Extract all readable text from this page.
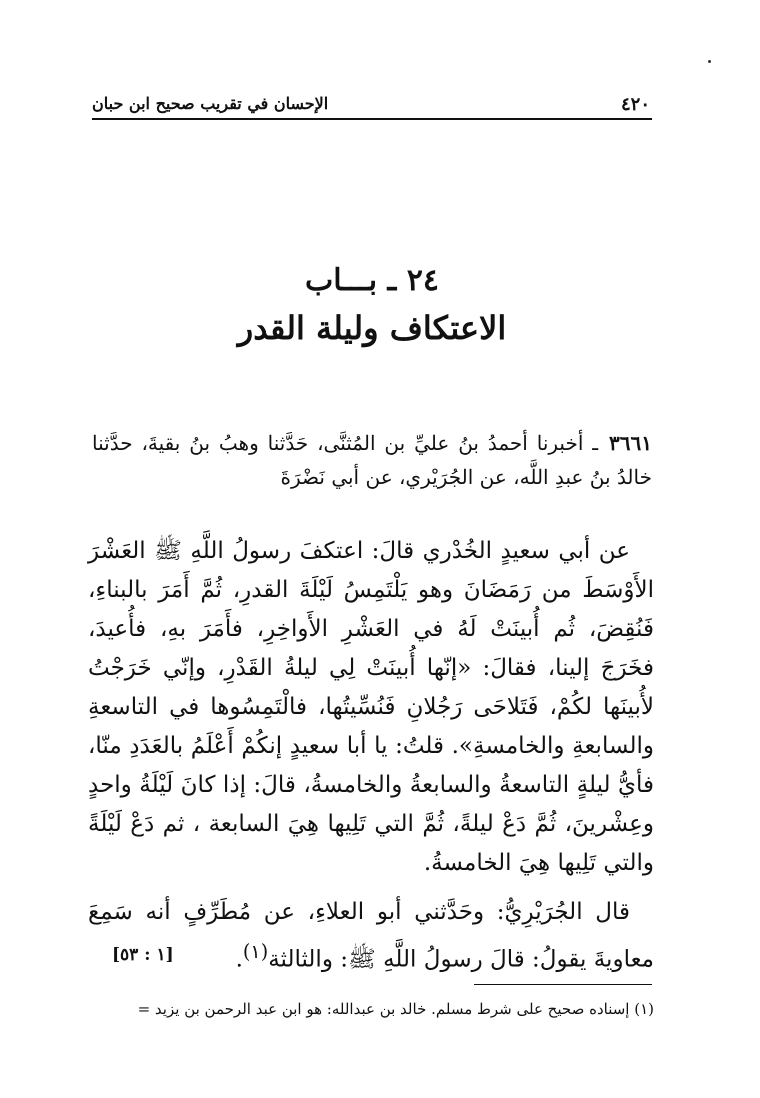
٤٢٠
الإحسان في تقريب صحيح ابن حبان
٢٤ ـ بـــاب
الاعتكاف وليلة القدر
٣٦٦١ ـ أخبرنا أحمدُ بنُ عليِّ بن المُثنَّى، حَدَّثنا وهبُ بنُ بقيةَ، حدَّثنا خالدُ بنُ عبدِ اللَّه، عن الجُرَيْري، عن أبي نَضْرَةَ

عن أبي سعيدٍ الخُدْري قالَ: اعتكفَ رسولُ اللَّهِ ﷺ العَشْرَ الأَوْسَطَ من رَمَضَانَ وهو يَلْتَمِسُ لَيْلَةَ القدرِ، ثُمَّ أَمَرَ بالبناءِ، فَنُقِضَ، ثُم أُبينَتْ لَهُ في العَشْرِ الأَواخِرِ، فأَمَرَ بهِ، فأُعيدَ، فخَرَجَ إلينا، فقالَ: «إنّها أُبينَتْ لِي ليلةُ القَدْرِ، وإنّي خَرَجْتُ لأُبينَها لكُمْ، فَتَلاحَى رَجُلانِ فَنُسِّيتُها، فالْتَمِسُوها في التاسعةِ والسابعةِ والخامسةِ». قلتُ: يا أبا سعيدٍ إنكُمْ أَعْلَمُ بالعَدَدِ منّا، فأيُّ ليلةٍ التاسعةُ والسابعةُ والخامسةُ، قالَ: إذا كانَ لَيْلَةُ واحدٍ وعِشْرينَ، ثُمَّ دَعْ ليلةً، ثُمَّ التي تَلِيها هِيَ السابعة ، ثم دَعْ لَيْلَةً والتي تَلِيها هِيَ الخامسةُ.

قال الجُرَيْرِيُّ: وحَدَّثني أبو العلاءِ، عن مُطَرِّفٍ أنه سَمِعَ معاويةَ يقولُ: قالَ رسولُ اللَّهِ ﷺ: والثالثة$^{(١)}$.
[١ : ٥٣]

(١) إسناده صحيح على شرط مسلم. خالد بن عبدالله: هو ابن عبد الرحمن بن يزيد =
